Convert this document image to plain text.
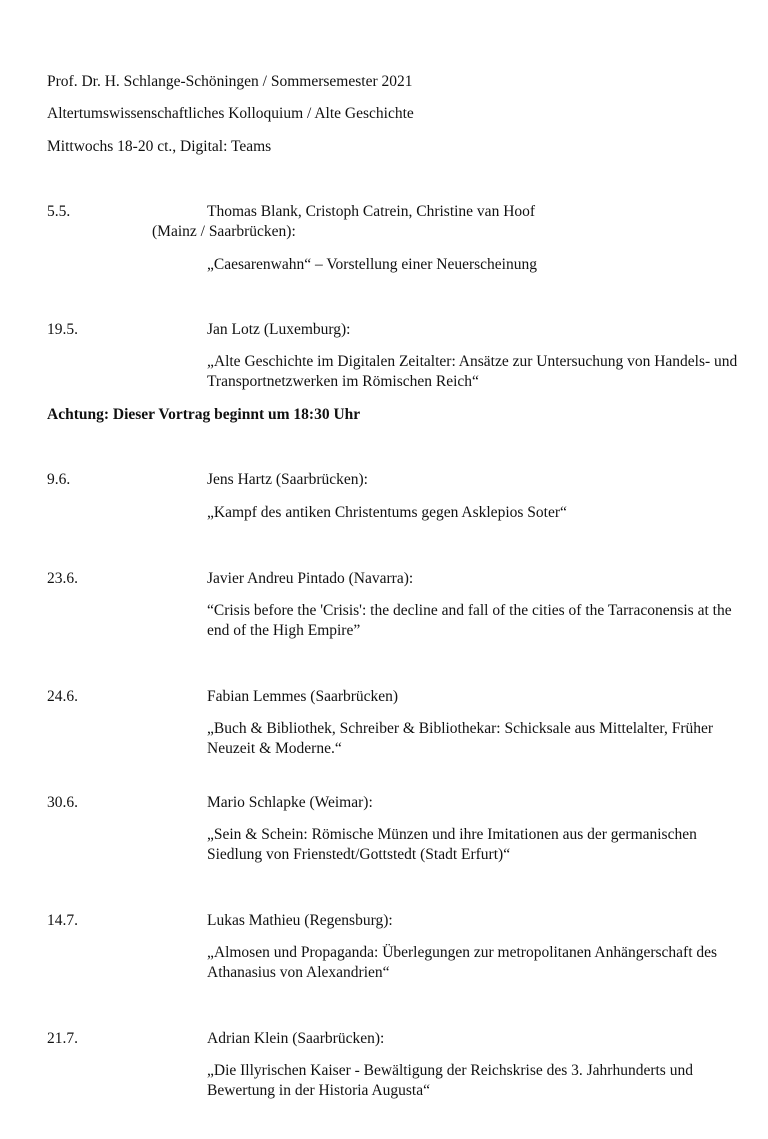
Prof. Dr. H. Schlange-Schöningen / Sommersemester 2021
Altertumswissenschaftliches Kolloquium / Alte Geschichte
Mittwochs 18-20 ct., Digital: Teams
5.5.	Thomas Blank, Cristoph Catrein, Christine van Hoof
(Mainz / Saarbrücken):
„Caesarenwahn“ – Vorstellung einer Neuerscheinung
19.5.	Jan Lotz (Luxemburg):
„Alte Geschichte im Digitalen Zeitalter: Ansätze zur Untersuchung von Handels- und Transportnetzwerken im Römischen Reich“
Achtung: Dieser Vortrag beginnt um 18:30 Uhr
9.6.	Jens Hartz (Saarbrücken):
„Kampf des antiken Christentums gegen Asklepios Soter“
23.6.	Javier Andreu Pintado (Navarra):
“Crisis before the 'Crisis': the decline and fall of the cities of the Tarraconensis at the end of the High Empire”
24.6.	Fabian Lemmes (Saarbrücken)
„Buch & Bibliothek, Schreiber & Bibliothekar: Schicksale aus Mittelalter, Früher Neuzeit & Moderne.“
30.6.	Mario Schlapke (Weimar):
„Sein & Schein: Römische Münzen und ihre Imitationen aus der germanischen Siedlung von Frienstedt/Gottstedt (Stadt Erfurt)“
14.7.	Lukas Mathieu (Regensburg):
„Almosen und Propaganda: Überlegungen zur metropolitanen Anhängerschaft des Athanasius von Alexandrien“
21.7.	Adrian Klein (Saarbrücken):
„Die Illyrischen Kaiser - Bewältigung der Reichskrise des 3. Jahrhunderts und Bewertung in der Historia Augusta“
